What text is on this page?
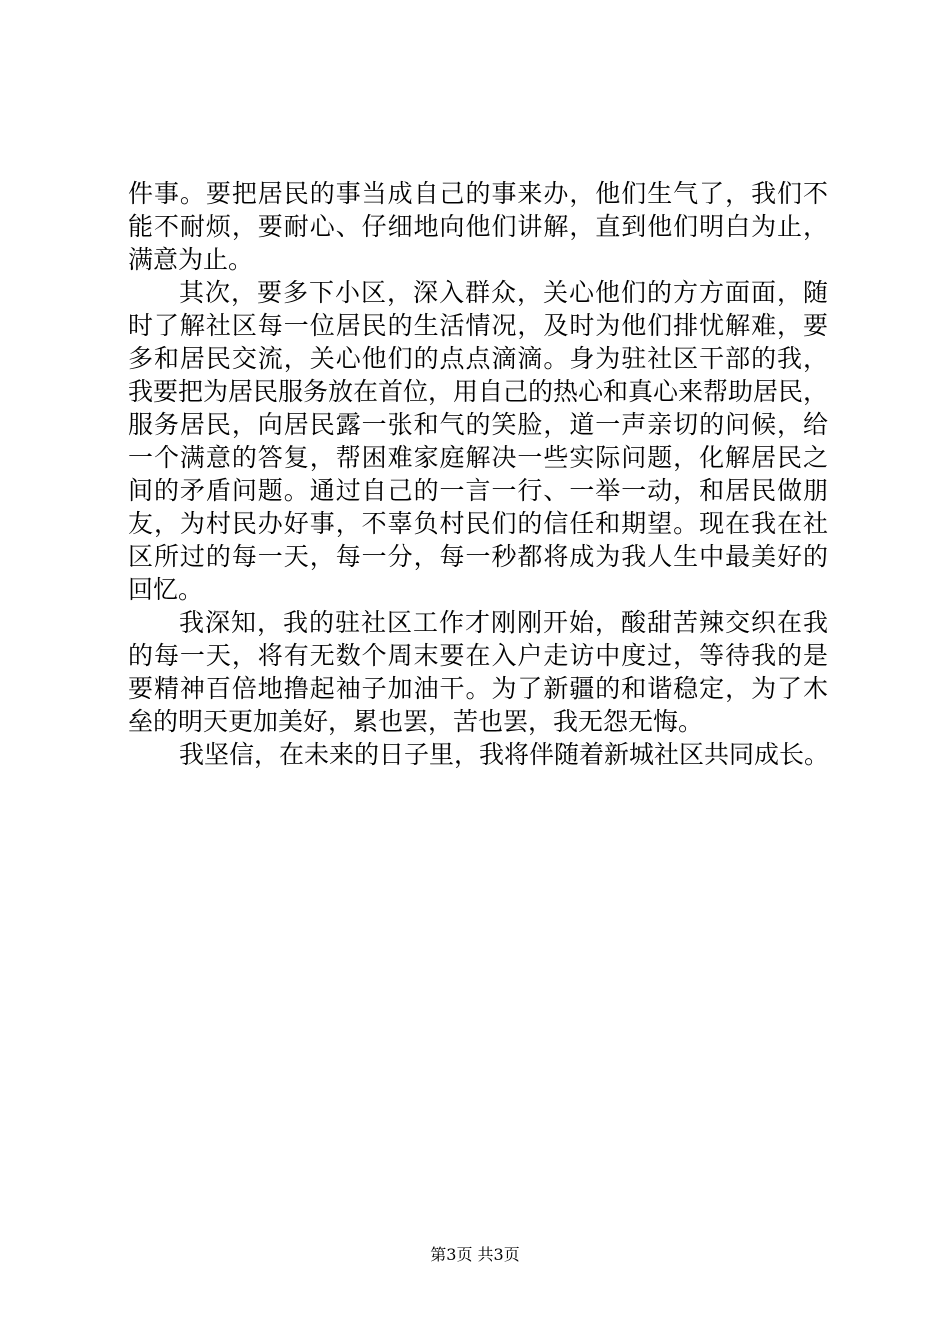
件事。要把居民的事当成自己的事来办，他们生气了，我们不
能不耐烦，要耐心、仔细地向他们讲解，直到他们明白为止，
满意为止。
其次，要多下小区，深入群众，关心他们的方方面面，随
时了解社区每一位居民的生活情况，及时为他们排忧解难，要
多和居民交流，关心他们的点点滴滴。身为驻社区干部的我，
我要把为居民服务放在首位，用自己的热心和真心来帮助居民，
服务居民，向居民露一张和气的笑脸，道一声亲切的问候，给
一个满意的答复，帮困难家庭解决一些实际问题，化解居民之
间的矛盾问题。通过自己的一言一行、一举一动，和居民做朋
友，为村民办好事，不辜负村民们的信任和期望。现在我在社
区所过的每一天，每一分，每一秒都将成为我人生中最美好的
回忆。
我深知，我的驻社区工作才刚刚开始，酸甜苦辣交织在我
的每一天，将有无数个周末要在入户走访中度过，等待我的是
要精神百倍地撸起袖子加油干。为了新疆的和谐稳定，为了木
垒的明天更加美好，累也罢，苦也罢，我无怨无悔。
我坚信，在未来的日子里，我将伴随着新城社区共同成长。
第3页 共3页
